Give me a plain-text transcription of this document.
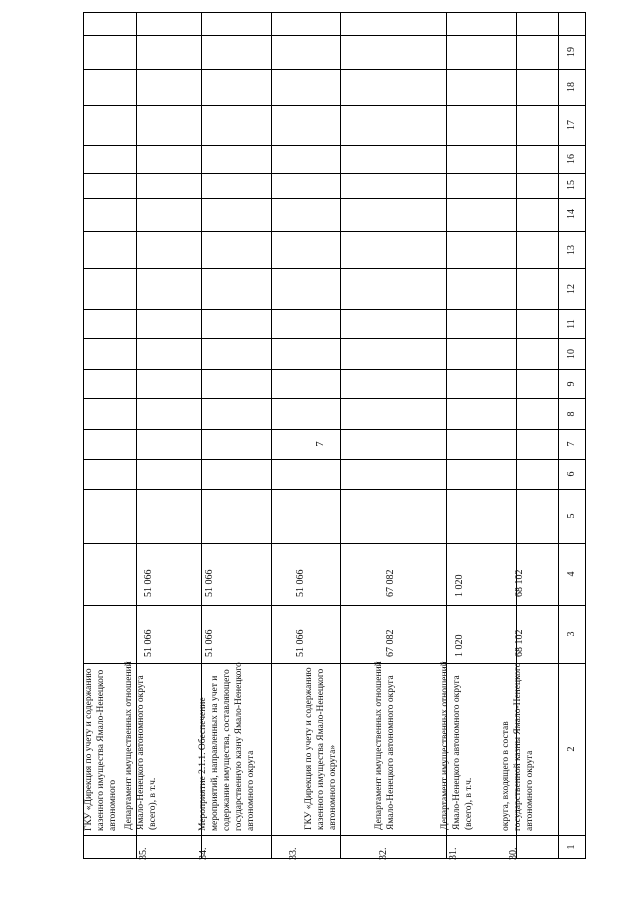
7
1
2
3
4
5
6
7
8
9
10
11
12
13
14
15
16
17
18
19
округа, входящего в состав государственной казны Ямало-Ненецкого автономного округа
30.
Департамент имущественных отношений Ямало-Ненецкого автономного округа (всего), в т.ч.
68 102
68 102
31.
Департамент имущественных отношений Ямало-Ненецкого автономного округа
1 020
1 020
32.
ГКУ «Дирекция по учету и содержанию казенного имущества Ямало-Ненецкого автономного округа»
67 082
67 082
33.
Мероприятие 2.1.1. Обеспечение мероприятий, направленных на учет и содержание имущества, составляющего государственную казну Ямало-Ненецкого автономного округа
51 066
51 066
34.
Департамент имущественных отношений Ямало-Ненецкого автономного округа (всего), в т.ч.
51 066
51 066
35.
ГКУ «Дирекция по учету и содержанию казенного имущества Ямало-Ненецкого автономного
51 066
51 066
